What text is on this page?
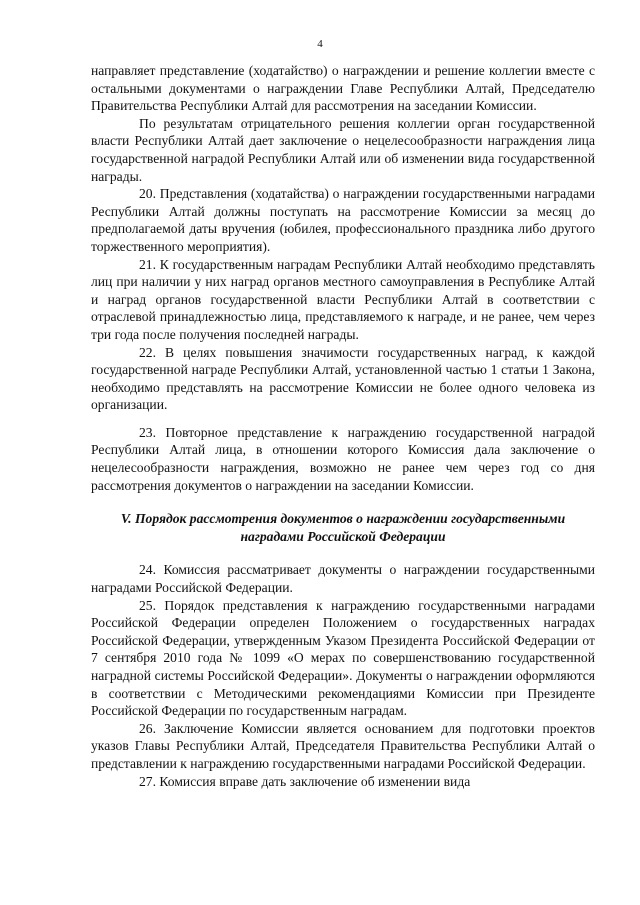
4

направляет представление (ходатайство) о награждении и решение коллегии вместе с остальными документами о награждении Главе Республики Алтай, Председателю Правительства Республики Алтай для рассмотрения на заседании Комиссии.

По результатам отрицательного решения коллегии орган государственной власти Республики Алтай дает заключение о нецелесообразности награждения лица государственной наградой Республики Алтай или об изменении вида государственной награды.

20. Представления (ходатайства) о награждении государственными наградами Республики Алтай должны поступать на рассмотрение Комиссии за месяц до предполагаемой даты вручения (юбилея, профессионального праздника либо другого торжественного мероприятия).

21. К государственным наградам Республики Алтай необходимо представлять лиц при наличии у них наград органов местного самоуправления в Республике Алтай и наград органов государственной власти Республики Алтай в соответствии с отраслевой принадлежностью лица, представляемого к награде, и не ранее, чем через три года после получения последней награды.

22. В целях повышения значимости государственных наград, к каждой государственной награде Республики Алтай, установленной частью 1 статьи 1 Закона, необходимо представлять на рассмотрение Комиссии не более одного человека из организации.

23. Повторное представление к награждению государственной наградой Республики Алтай лица, в отношении которого Комиссия дала заключение о нецелесообразности награждения, возможно не ранее чем через год со дня рассмотрения документов о награждении на заседании Комиссии.

V. Порядок рассмотрения документов о награждении государственными наградами Российской Федерации

24. Комиссия рассматривает документы о награждении государственными наградами Российской Федерации.

25. Порядок представления к награждению государственными наградами Российской Федерации определен Положением о государственных наградах Российской Федерации, утвержденным Указом Президента Российской Федерации от 7 сентября 2010 года № 1099 «О мерах по совершенствованию государственной наградной системы Российской Федерации». Документы о награждении оформляются в соответствии с Методическими рекомендациями Комиссии при Президенте Российской Федерации по государственным наградам.

26. Заключение Комиссии является основанием для подготовки проектов указов Главы Республики Алтай, Председателя Правительства Республики Алтай о представлении к награждению государственными наградами Российской Федерации.

27. Комиссия вправе дать заключение об изменении вида
